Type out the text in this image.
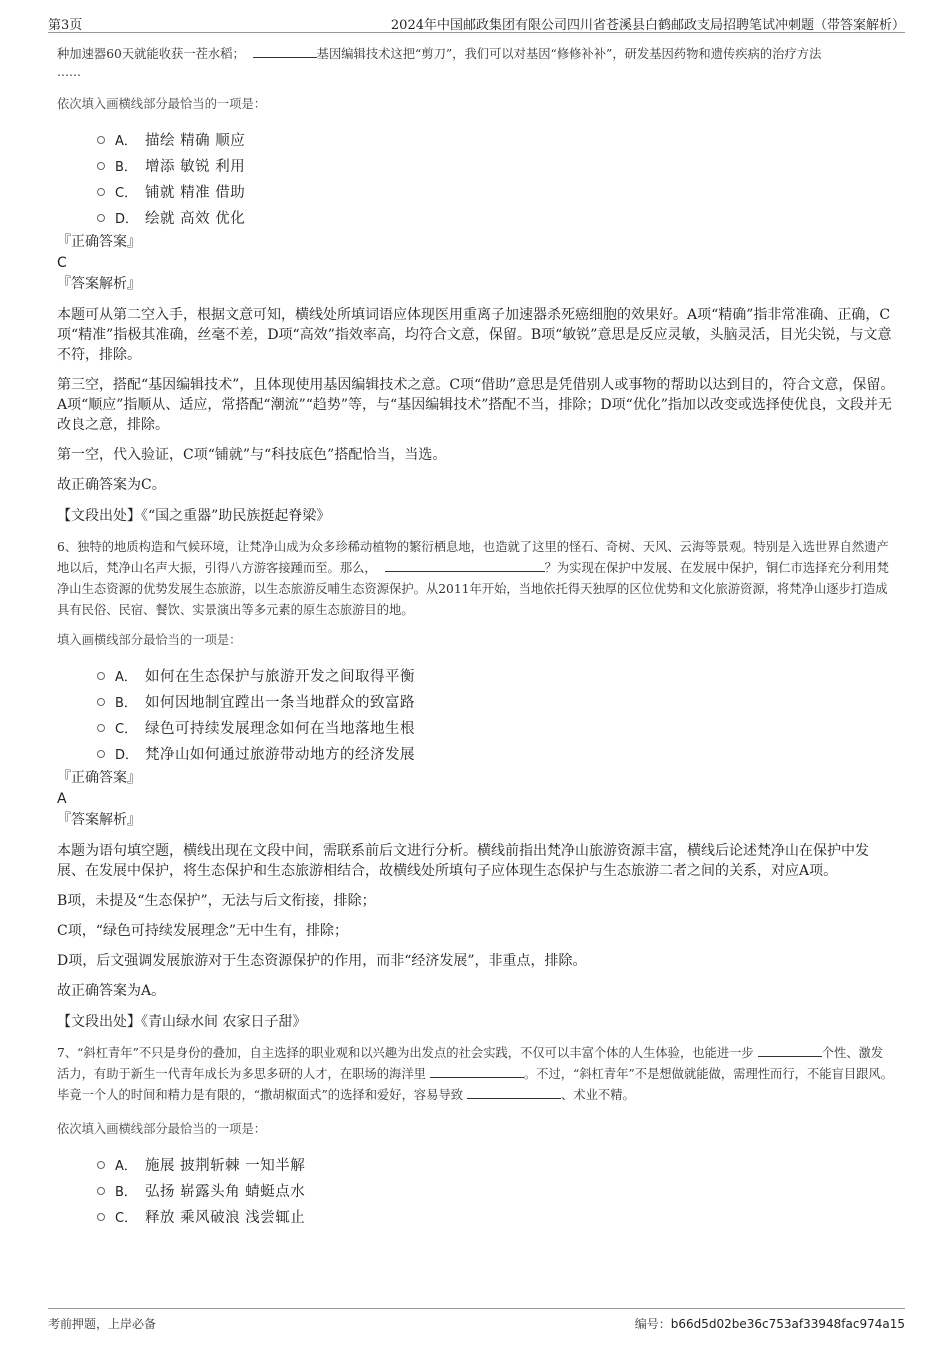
第3页	2024年中国邮政集团有限公司四川省苍溪县白鹤邮政支局招聘笔试冲刺题（带答案解析）

种加速器60天就能收获一茬水稻；	基因编辑技术这把“剪刀”，我们可以对基因“修修补补”，研发基因药物和遗传疾病的治疗方法

……

依次填入画横线部分最恰当的一项是：

A． 描绘 精确 顺应
B． 增添 敏锐 利用
C． 铺就 精准 借助
D． 绘就 高效 优化

『正确答案』

C

『答案解析』

本题可从第二空入手，根据文意可知，横线处所填词语应体现医用重离子加速器杀死癌细胞的效果好。A项“精确”指非常准确、正确，C项“精准”指极其准确，丝毫不差，D项“高效”指效率高，均符合文意，保留。B项“敏锐”意思是反应灵敏，头脑灵活，目光尖锐，与文意不符，排除。

第三空，搭配“基因编辑技术”，且体现使用基因编辑技术之意。C项“借助”意思是凭借别人或事物的帮助以达到目的，符合文意，保留。A项“顺应”指顺从、适应，常搭配“潮流”“趋势”等，与“基因编辑技术”搭配不当，排除；D项“优化”指加以改变或选择使优良，文段并无改良之意，排除。

第一空，代入验证，C项“铺就”与“科技底色”搭配恰当，当选。

故正确答案为C。

【文段出处】《“国之重器”助民族挺起脊梁》

6、独特的地质构造和气候环境，让梵净山成为众多珍稀动植物的繁衍栖息地，也造就了这里的怪石、奇树、天风、云海等景观。特别是入选世界自然遗产地以后，梵净山名声大振，引得八方游客接踵而至。那么，	？为实现在保护中发展、在发展中保护，铜仁市选择充分利用梵净山生态资源的优势发展生态旅游，以生态旅游反哺生态资源保护。从2011年开始，当地依托得天独厚的区位优势和文化旅游资源，将梵净山逐步打造成具有民俗、民宿、餐饮、实景演出等多元素的原生态旅游目的地。

填入画横线部分最恰当的一项是：

A． 如何在生态保护与旅游开发之间取得平衡
B． 如何因地制宜蹚出一条当地群众的致富路
C． 绿色可持续发展理念如何在当地落地生根
D． 梵净山如何通过旅游带动地方的经济发展

『正确答案』

A

『答案解析』

本题为语句填空题，横线出现在文段中间，需联系前后文进行分析。横线前指出梵净山旅游资源丰富，横线后论述梵净山在保护中发展、在发展中保护，将生态保护和生态旅游相结合，故横线处所填句子应体现生态保护与生态旅游二者之间的关系，对应A项。

B项，未提及“生态保护”，无法与后文衔接，排除；

C项，“绿色可持续发展理念”无中生有，排除；

D项，后文强调发展旅游对于生态资源保护的作用，而非“经济发展”，非重点，排除。

故正确答案为A。

【文段出处】《青山绿水间 农家日子甜》

7、“斜杠青年”不只是身份的叠加，自主选择的职业观和以兴趣为出发点的社会实践，不仅可以丰富个体的人生体验，也能进一步	个性、激发活力，有助于新生一代青年成长为多思多研的人才，在职场的海洋里	。不过，“斜杠青年”不是想做就能做，需理性而行，不能盲目跟风。毕竟一个人的时间和精力是有限的，“撒胡椒面式”的选择和爱好，容易导致	、术业不精。

依次填入画横线部分最恰当的一项是：

A． 施展 披荆斩棘 一知半解
B． 弘扬 崭露头角 蜻蜓点水
C． 释放 乘风破浪 浅尝辄止
考前押题，上岸必备	编号：b66d5d02be36c753af33948fac974a15
